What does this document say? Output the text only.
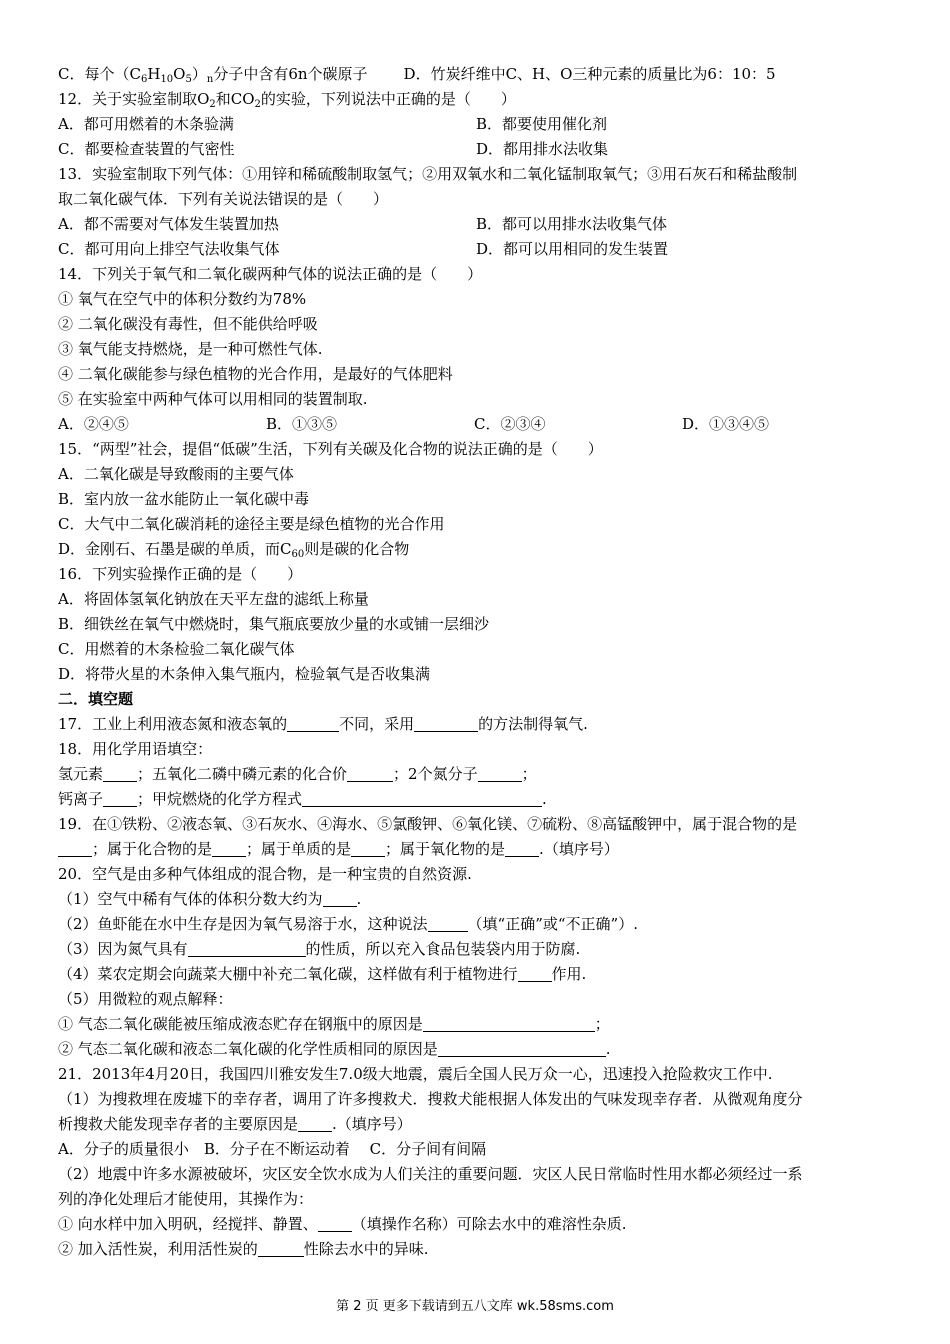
C．每个$(C_6H_{10}O_5)_n$分子中含有6n个碳原子 D．竹炭纤维中C、H、O三种元素的质量比为6：10：5
12．关于实验室制取$O_2$和$CO_2$的实验，下列说法中正确的是（　　）
A．都可用燃着的木条验满	B．都要使用催化剂
C．都要检查装置的气密性	D．都用排水法收集
13．实验室制取下列气体：①用锌和稀硫酸制取氢气；②用双氧水和二氧化锰制取氧气；③用石灰石和稀盐酸制
取二氧化碳气体．下列有关说法错误的是（　　）
A．都不需要对气体发生装置加热	B．都可以用排水法收集气体
C．都可用向上排空气法收集气体	D．都可以用相同的发生装置
14．下列关于氧气和二氧化碳两种气体的说法正确的是（　　）
① 氧气在空气中的体积分数约为78%
② 二氧化碳没有毒性，但不能供给呼吸
③ 氧气能支持燃烧，是一种可燃性气体.
④ 二氧化碳能参与绿色植物的光合作用，是最好的气体肥料
⑤ 在实验室中两种气体可以用相同的装置制取.
A．②④⑤	B．①③⑤	C．②③④	D．①③④⑤
15．“两型”社会，提倡“低碳”生活，下列有关碳及化合物的说法正确的是（　　）
A．二氧化碳是导致酸雨的主要气体
B．室内放一盆水能防止一氧化碳中毒
C．大气中二氧化碳消耗的途径主要是绿色植物的光合作用
D．金刚石、石墨是碳的单质，而$C_{60}$则是碳的化合物
16．下列实验操作正确的是（　　）
A．将固体氢氧化钠放在天平左盘的滤纸上称量
B．细铁丝在氧气中燃烧时，集气瓶底要放少量的水或铺一层细沙
C．用燃着的木条检验二氧化碳气体
D．将带火星的木条伸入集气瓶内，检验氧气是否收集满
二．填空题
17．工业上利用液态氮和液态氧的	不同，采用	的方法制得氧气.
18．用化学用语填空：
氢元素 ；五氧化二磷中磷元素的化合价	；2个氮分子	；
钙离子 ；甲烷燃烧的化学方程式	.
19．在①铁粉、②液态氧、③石灰水、④海水、⑤氯酸钾、⑥氧化镁、⑦硫粉、⑧高锰酸钾中，属于混合物的是
；属于化合物的是 ；属于单质的是 ；属于氧化物的是 .（填序号）
20．空气是由多种气体组成的混合物，是一种宝贵的自然资源.
（1）空气中稀有气体的体积分数大约为 .
（2）鱼虾能在水中生存是因为氧气易溶于水，这种说法	（填“正确”或“不正确”）.
（3）因为氮气具有	的性质，所以充入食品包装袋内用于防腐.
（4）菜农定期会向蔬菜大棚中补充二氧化碳，这样做有利于植物进行 作用.
（5）用微粒的观点解释：
① 气态二氧化碳能被压缩成液态贮存在钢瓶中的原因是	；
② 气态二氧化碳和液态二氧化碳的化学性质相同的原因是	.
21．2013年4月20日，我国四川雅安发生7.0级大地震，震后全国人民万众一心，迅速投入抢险救灾工作中.
（1）为搜救埋在废墟下的幸存者，调用了许多搜救犬．搜救犬能根据人体发出的气味发现幸存者．从微观角度分
析搜救犬能发现幸存者的主要原因是 .（填序号）
A．分子的质量很小　B．分子在不断运动着　 C．分子间有间隔
（2）地震中许多水源被破坏，灾区安全饮水成为人们关注的重要问题．灾区人民日常临时性用水都必须经过一系
列的净化处理后才能使用，其操作为：
① 向水样中加入明矾，经搅拌、静置、 （填操作名称）可除去水中的难溶性杂质.
② 加入活性炭，利用活性炭的	性除去水中的异味.
第 2 页 更多下载请到五八文库 wk.58sms.com
